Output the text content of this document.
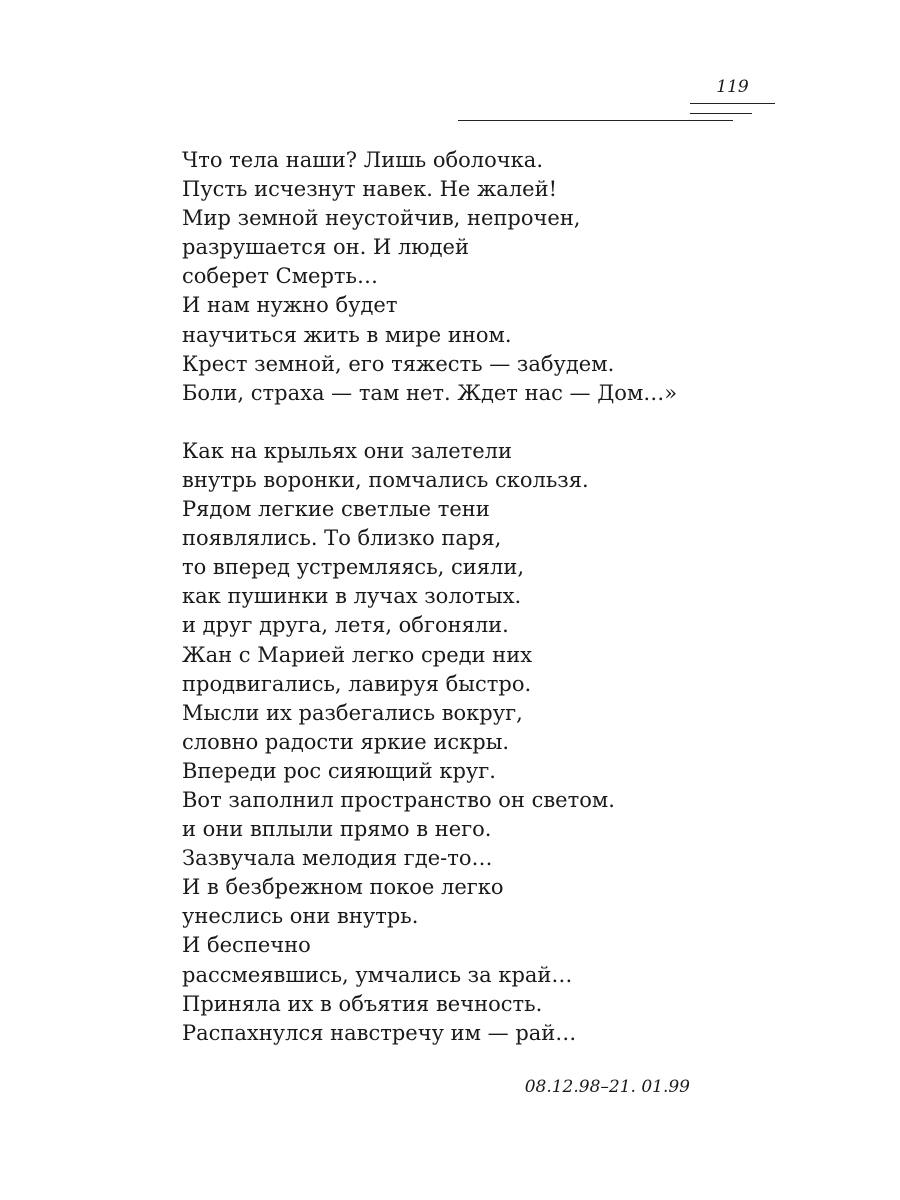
119
Что тела наши? Лишь оболочка.
Пусть исчезнут навек. Не жалей!
Мир земной неустойчив, непрочен,
разрушается он. И людей
соберет Смерть…
И нам нужно будет
научиться жить в мире ином.
Крест земной, его тяжесть — забудем.
Боли, страха — там нет. Ждет нас — Дом…»
Как на крыльях они залетели
внутрь воронки, помчались скользя.
Рядом легкие светлые тени
появлялись. То близко паря,
то вперед устремляясь, сияли,
как пушинки в лучах золотых.
и друг друга, летя, обгоняли.
Жан с Марией легко среди них
продвигались, лавируя быстро.
Мысли их разбегались вокруг,
словно радости яркие искры.
Впереди рос сияющий круг.
Вот заполнил пространство он светом.
и они вплыли прямо в него.
Зазвучала мелодия где-то…
И в безбрежном покое легко
унеслись они внутрь.
И беспечно
рассмеявшись, умчались за край…
Приняла их в объятия вечность.
Распахнулся навстречу им — рай…
08.12.98–21. 01.99
